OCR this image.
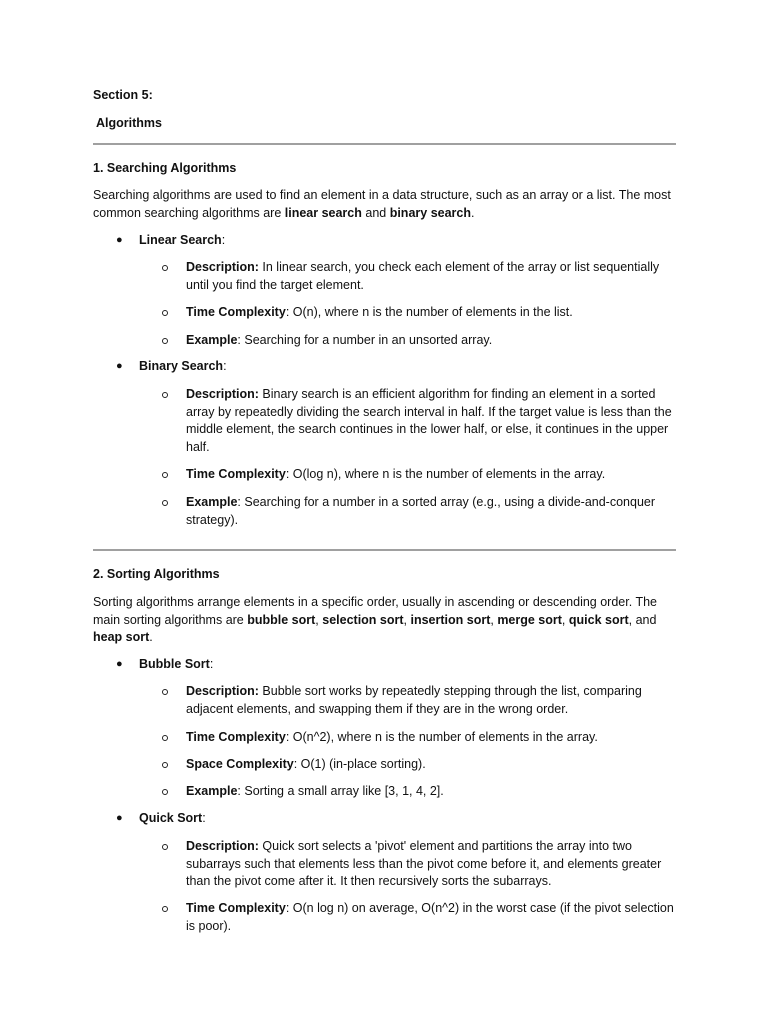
Section 5:
Algorithms
1. Searching Algorithms
Searching algorithms are used to find an element in a data structure, such as an array or a list. The most common searching algorithms are linear search and binary search.
● Linear Search:
Description: In linear search, you check each element of the array or list sequentially until you find the target element.
Time Complexity: O(n), where n is the number of elements in the list.
Example: Searching for a number in an unsorted array.
● Binary Search:
Description: Binary search is an efficient algorithm for finding an element in a sorted array by repeatedly dividing the search interval in half. If the target value is less than the middle element, the search continues in the lower half, or else, it continues in the upper half.
Time Complexity: O(log n), where n is the number of elements in the array.
Example: Searching for a number in a sorted array (e.g., using a divide-and-conquer strategy).
2. Sorting Algorithms
Sorting algorithms arrange elements in a specific order, usually in ascending or descending order. The main sorting algorithms are bubble sort, selection sort, insertion sort, merge sort, quick sort, and heap sort.
● Bubble Sort:
Description: Bubble sort works by repeatedly stepping through the list, comparing adjacent elements, and swapping them if they are in the wrong order.
Time Complexity: O(n^2), where n is the number of elements in the array.
Space Complexity: O(1) (in-place sorting).
Example: Sorting a small array like [3, 1, 4, 2].
● Quick Sort:
Description: Quick sort selects a 'pivot' element and partitions the array into two subarrays such that elements less than the pivot come before it, and elements greater than the pivot come after it. It then recursively sorts the subarrays.
Time Complexity: O(n log n) on average, O(n^2) in the worst case (if the pivot selection is poor).
